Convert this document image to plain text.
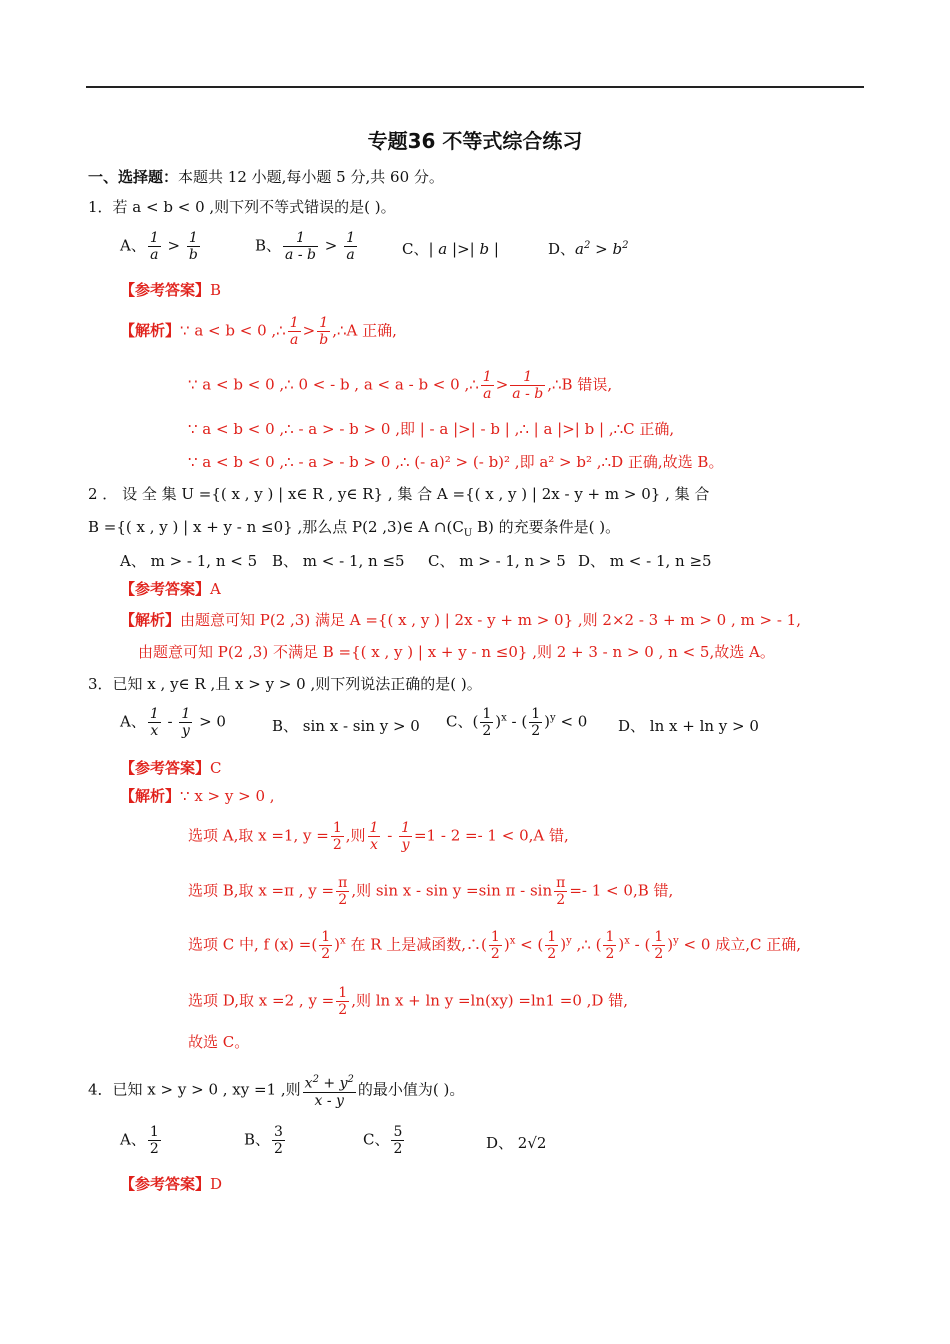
专题36 不等式综合练习
一、选择题：本题共 12 小题,每小题 5 分,共 60 分。
1．若 a < b < 0 ,则下列不等式错误的是( )。
A、 $\frac{1}{a} > \frac{1}{b}$	B、 $\frac{1}{a - b} > \frac{1}{a}$	C、| a |>| b |	D、$a^2 > b^2$
【参考答案】B
【解析】∵ a < b < 0 ,∴ $\frac{1}{a} > \frac{1}{b}$ ,∴A 正确,
∵ a < b < 0 ,∴ 0 < - b , a < a - b < 0 ,∴ $\frac{1}{a} > \frac{1}{a - b}$ ,∴B 错误,
∵ a < b < 0 ,∴ - a > - b > 0 ,即 | - a |>| - b | ,∴ | a |>| b | ,∴C 正确,
∵ a < b < 0 ,∴ - a > - b > 0 ,∴ (- a)² > (- b)² ,即 a² > b² ,∴D 正确,故选 B。
2 ． 设 全 集 U ={( x , y ) | x∈ R , y∈ R} , 集 合 A ={( x , y ) | 2x - y + m > 0} , 集 合
B ={( x , y ) | x + y - n ≤0} ,那么点 P(2 ,3)∈ A $\cap(C_U$ B) 的充要条件是( )。
A、 m > - 1, n < 5 B、 m < - 1, n ≤5 C、 m > - 1, n > 5 D、 m < - 1, n ≥5
【参考答案】A
【解析】由题意可知 P(2 ,3) 满足 A ={( x , y ) | 2x - y + m > 0} ,则 2×2 - 3 + m > 0 , m > - 1,
由题意可知 P(2 ,3) 不满足 B ={( x , y ) | x + y - n ≤0} ,则 2 + 3 - n > 0 , n < 5,故选 A。
3．已知 x , y∈ R ,且 x > y > 0 ,则下列说法正确的是( )。
A、 $\frac{1}{x} - \frac{1}{y} > 0$	B、 sin x - sin y > 0 C、( $\frac{1}{2} )^x$ - ( $\frac{1}{2} )^y < 0$ D、 ln x + ln y > 0
【参考答案】C
【解析】∵ x > y > 0 ,
选项 A,取 x =1, $y = \frac{1}{2}$ ,则 $\frac{1}{x} - \frac{1}{y} =1 - 2 =- 1 < 0,A$ 错,
选项 B,取 x =π , $y = \frac{\pi}{2}$ ,则 sin x - sin y =sin $\pi - \sin \frac{\pi}{2} =- 1 < 0,B$ 错,
选项 C 中, f (x) =( $\frac{1}{2} )^x$ 在 R 上是减函数,∴( $\frac{1}{2} )^x$ < ( $\frac{1}{2} )^y$ ,∴ ( $\frac{1}{2} )^x$ - ( $\frac{1}{2} )^y < 0$ 成立,C 正确,
选项 D,取 x =2 , $y = \frac{1}{2}$ ,则 ln x + ln y =ln(xy) =ln1 =0 ,D 错,
故选 C。
4．已知 x > y > 0 , xy =1 ,则 $\frac{x^2 + y^2}{x - y}$ 的最小值为( )。
A、 $\frac{1}{2}$	B、 $\frac{3}{2}$	C、 $\frac{5}{2}$	D、 2√2
【参考答案】D
